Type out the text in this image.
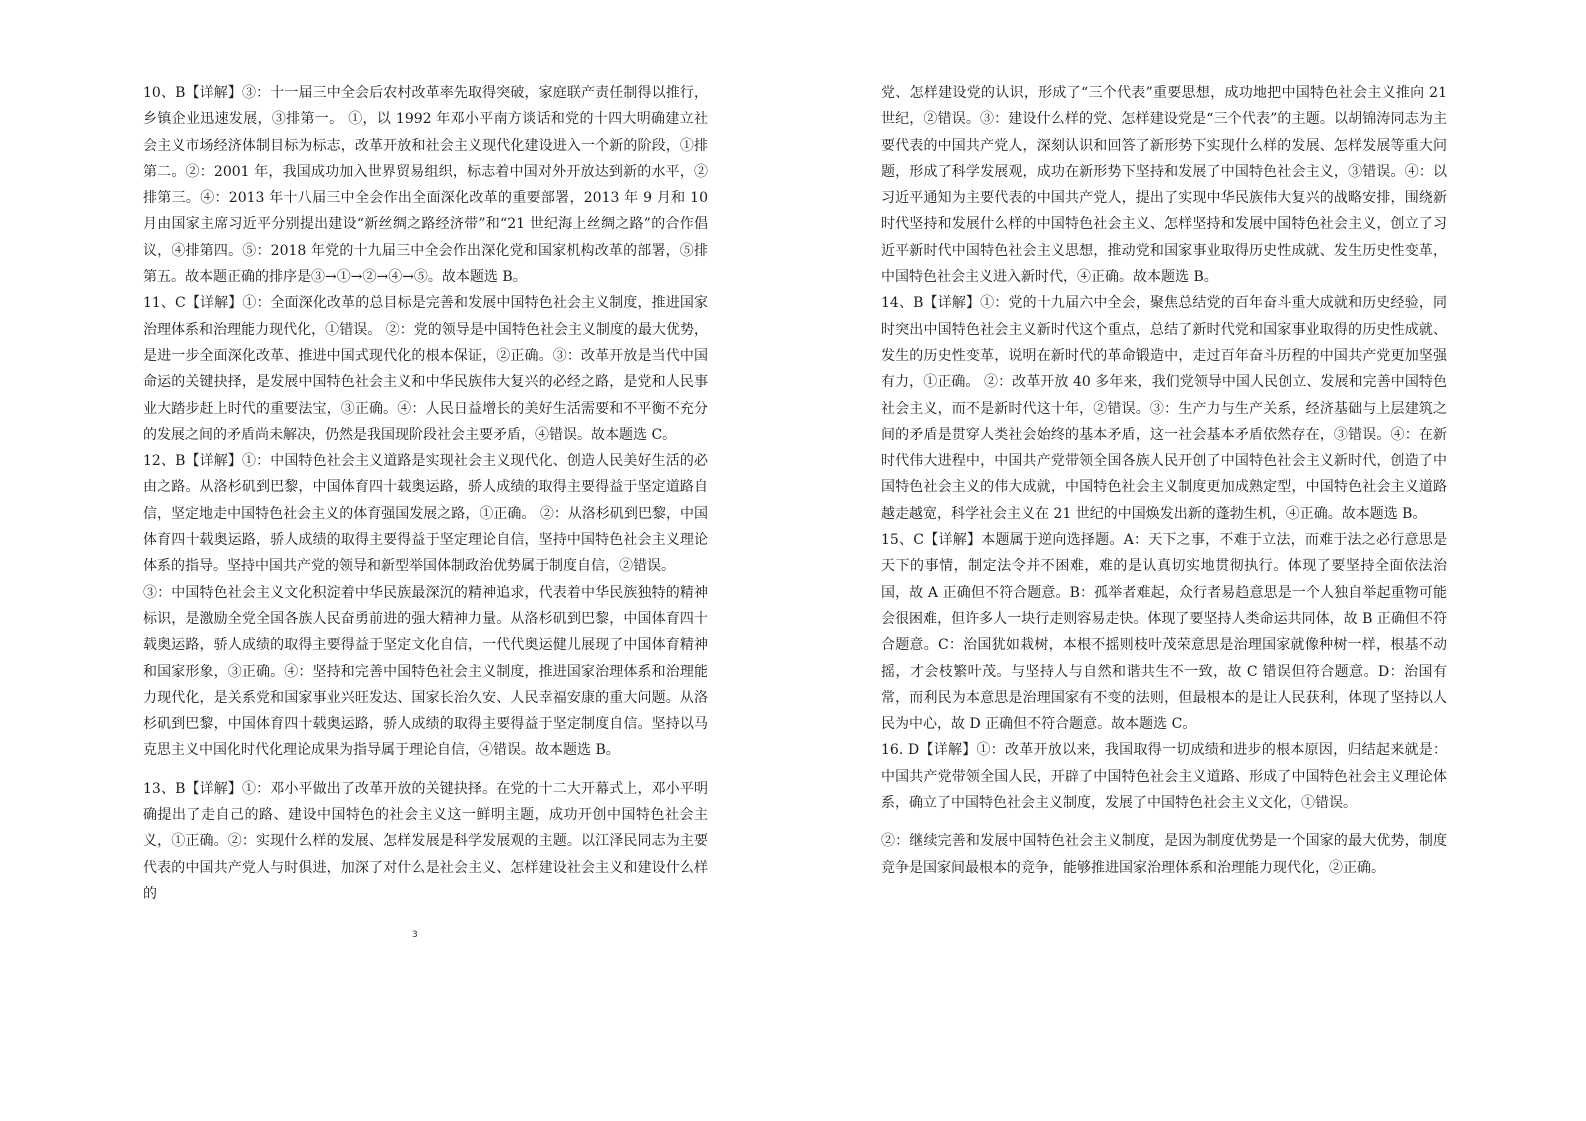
10、B【详解】③：十一届三中全会后农村改革率先取得突破，家庭联产责任制得以推行，乡镇企业迅速发展，③排第一。 ①，以 1992 年邓小平南方谈话和党的十四大明确建立社会主义市场经济体制目标为标志，改革开放和社会主义现代化建设进入一个新的阶段，①排第二。②：2001 年，我国成功加入世界贸易组织，标志着中国对外开放达到新的水平，②排第三。④：2013 年十八届三中全会作出全面深化改革的重要部署，2013 年 9 月和 10 月由国家主席习近平分别提出建设“新丝绸之路经济带”和“21 世纪海上丝绸之路”的合作倡议，④排第四。⑤：2018 年党的十九届三中全会作出深化党和国家机构改革的部署，⑤排第五。故本题正确的排序是③→①→②→④→⑤。故本题选 B。

11、C【详解】①：全面深化改革的总目标是完善和发展中国特色社会主义制度，推进国家治理体系和治理能力现代化，①错误。 ②：党的领导是中国特色社会主义制度的最大优势，是进一步全面深化改革、推进中国式现代化的根本保证，②正确。③：改革开放是当代中国命运的关键抉择，是发展中国特色社会主义和中华民族伟大复兴的必经之路，是党和人民事业大踏步赶上时代的重要法宝，③正确。④：人民日益增长的美好生活需要和不平衡不充分的发展之间的矛盾尚未解决，仍然是我国现阶段社会主要矛盾，④错误。故本题选 C。

12、B【详解】①：中国特色社会主义道路是实现社会主义现代化、创造人民美好生活的必由之路。从洛杉矶到巴黎，中国体育四十载奥运路，骄人成绩的取得主要得益于坚定道路自信，坚定地走中国特色社会主义的体育强国发展之路，①正确。 ②：从洛杉矶到巴黎，中国体育四十载奥运路，骄人成绩的取得主要得益于坚定理论自信，坚持中国特色社会主义理论体系的指导。坚持中国共产党的领导和新型举国体制政治优势属于制度自信，②错误。

③：中国特色社会主义文化积淀着中华民族最深沉的精神追求，代表着中华民族独特的精神标识，是激励全党全国各族人民奋勇前进的强大精神力量。从洛杉矶到巴黎，中国体育四十载奥运路，骄人成绩的取得主要得益于坚定文化自信，一代代奥运健儿展现了中国体育精神和国家形象，③正确。④：坚持和完善中国特色社会主义制度，推进国家治理体系和治理能力现代化，是关系党和国家事业兴旺发达、国家长治久安、人民幸福安康的重大问题。从洛杉矶到巴黎，中国体育四十载奥运路，骄人成绩的取得主要得益于坚定制度自信。坚持以马克思主义中国化时代化理论成果为指导属于理论自信，④错误。故本题选 B。

13、B【详解】①：邓小平做出了改革开放的关键抉择。在党的十二大开幕式上，邓小平明确提出了走自己的路、建设中国特色的社会主义这一鲜明主题，成功开创中国特色社会主义，①正确。②：实现什么样的发展、怎样发展是科学发展观的主题。以江泽民同志为主要代表的中国共产党人与时俱进，加深了对什么是社会主义、怎样建设社会主义和建设什么样的

3

党、怎样建设党的认识，形成了“三个代表”重要思想，成功地把中国特色社会主义推向 21 世纪，②错误。③：建设什么样的党、怎样建设党是“三个代表”的主题。以胡锦涛同志为主要代表的中国共产党人，深刻认识和回答了新形势下实现什么样的发展、怎样发展等重大问题，形成了科学发展观，成功在新形势下坚持和发展了中国特色社会主义，③错误。④：以习近平通知为主要代表的中国共产党人，提出了实现中华民族伟大复兴的战略安排，围绕新时代坚持和发展什么样的中国特色社会主义、怎样坚持和发展中国特色社会主义，创立了习近平新时代中国特色社会主义思想，推动党和国家事业取得历史性成就、发生历史性变革，中国特色社会主义进入新时代，④正确。故本题选 B。

14、B【详解】①：党的十九届六中全会，聚焦总结党的百年奋斗重大成就和历史经验，同时突出中国特色社会主义新时代这个重点，总结了新时代党和国家事业取得的历史性成就、发生的历史性变革，说明在新时代的革命锻造中，走过百年奋斗历程的中国共产党更加坚强有力，①正确。 ②：改革开放 40 多年来，我们党领导中国人民创立、发展和完善中国特色社会主义，而不是新时代这十年，②错误。③：生产力与生产关系，经济基础与上层建筑之间的矛盾是贯穿人类社会始终的基本矛盾，这一社会基本矛盾依然存在，③错误。④：在新时代伟大进程中，中国共产党带领全国各族人民开创了中国特色社会主义新时代，创造了中国特色社会主义的伟大成就，中国特色社会主义制度更加成熟定型，中国特色社会主义道路越走越宽，科学社会主义在 21 世纪的中国焕发出新的蓬勃生机，④正确。故本题选 B。

15、C【详解】本题属于逆向选择题。A：天下之事，不难于立法，而难于法之必行意思是天下的事情，制定法令并不困难，难的是认真切实地贯彻执行。体现了要坚持全面依法治国，故 A 正确但不符合题意。B：孤举者难起，众行者易趋意思是一个人独自举起重物可能会很困难，但许多人一块行走则容易走快。体现了要坚持人类命运共同体，故 B 正确但不符合题意。C：治国犹如栽树，本根不摇则枝叶茂荣意思是治理国家就像种树一样，根基不动摇，才会枝繁叶茂。与坚持人与自然和谐共生不一致，故 C 错误但符合题意。D：治国有常，而利民为本意思是治理国家有不变的法则，但最根本的是让人民获利，体现了坚持以人民为中心，故 D 正确但不符合题意。故本题选 C。

16. D【详解】①：改革开放以来，我国取得一切成绩和进步的根本原因，归结起来就是：中国共产党带领全国人民，开辟了中国特色社会主义道路、形成了中国特色社会主义理论体系，确立了中国特色社会主义制度，发展了中国特色社会主义文化，①错误。

②：继续完善和发展中国特色社会主义制度，是因为制度优势是一个国家的最大优势，制度竞争是国家间最根本的竞争，能够推进国家治理体系和治理能力现代化，②正确。
